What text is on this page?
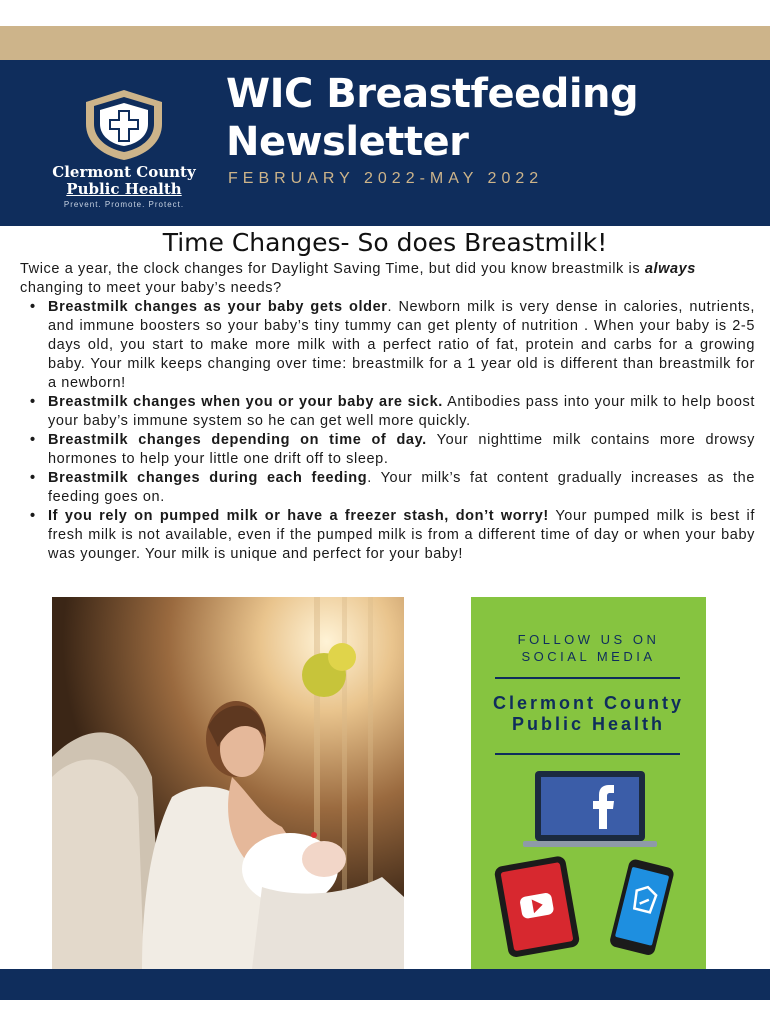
Clermont County
Public Health
Prevent. Promote. Protect.
WIC Breastfeeding
Newsletter
FEBRUARY 2022-MAY 2022
Time Changes- So does Breastmilk!

Twice a year, the clock changes for Daylight Saving Time, but did you know breastmilk is always changing to meet your baby’s needs?

• Breastmilk changes as your baby gets older. Newborn milk is very dense in calories, nutrients, and immune boosters so your baby’s tiny tummy can get plenty of nutrition . When your baby is 2-5 days old, you start to make more milk with a perfect ratio of fat, protein and carbs for a growing baby. Your milk keeps changing over time: breastmilk for a 1 year old is different than breastmilk for a newborn!
• Breastmilk changes when you or your baby are sick. Antibodies pass into your milk to help boost your baby’s immune system so he can get well more quickly.
• Breastmilk changes depending on time of day. Your nighttime milk contains more drowsy hormones to help your little one drift off to sleep.
• Breastmilk changes during each feeding. Your milk’s fat content gradually increases as the feeding goes on.
• If you rely on pumped milk or have a freezer stash, don’t worry! Your pumped milk is best if fresh milk is not available, even if the pumped milk is from a different time of day or when your baby was younger. Your milk is unique and perfect for your baby!
FOLLOW US ON
SOCIAL MEDIA
Clermont County
Public Health
